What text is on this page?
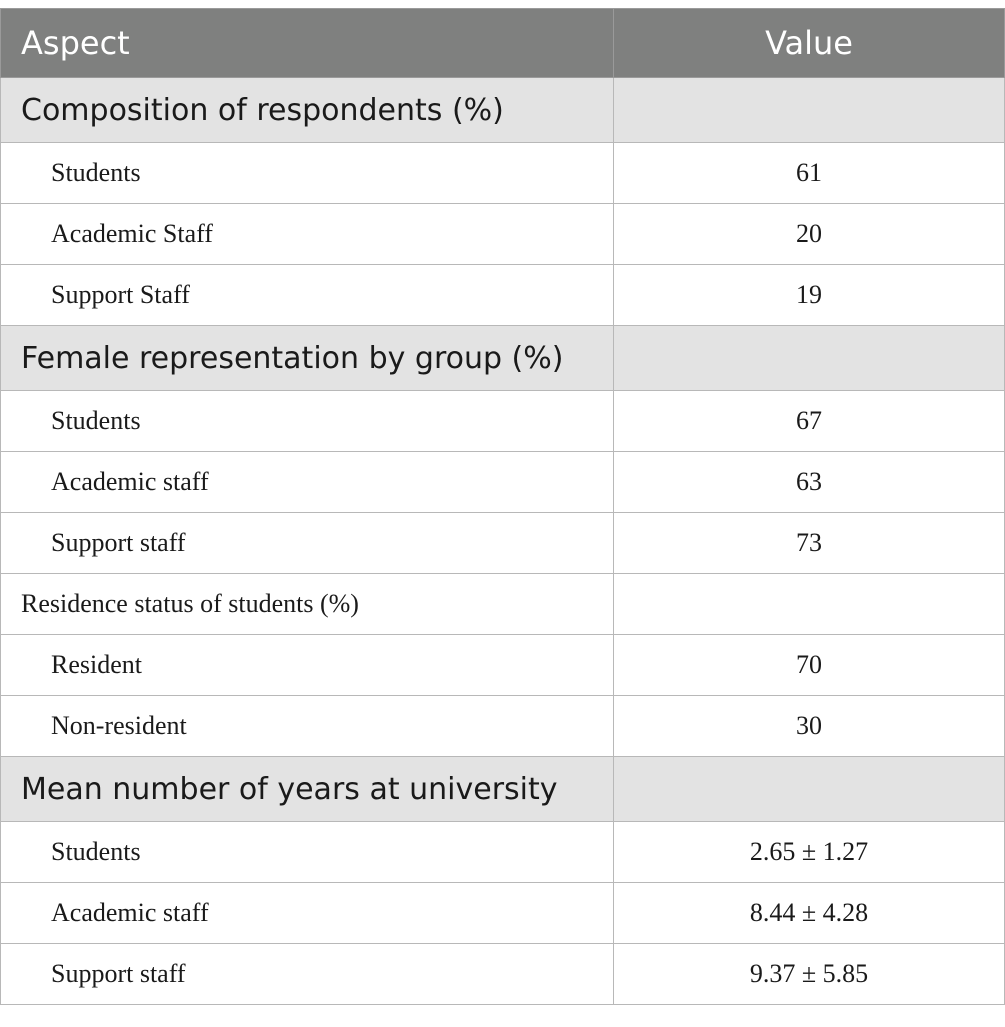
Aspect	Value
Composition of respondents (%)	
Students	61
Academic Staff	20
Support Staff	19
Female representation by group (%)	
Students	67
Academic staff	63
Support staff	73
Residence status of students (%)	
Resident	70
Non-resident	30
Mean number of years at university	
Students	2.65 ± 1.27
Academic staff	8.44 ± 4.28
Support staff	9.37 ± 5.85
